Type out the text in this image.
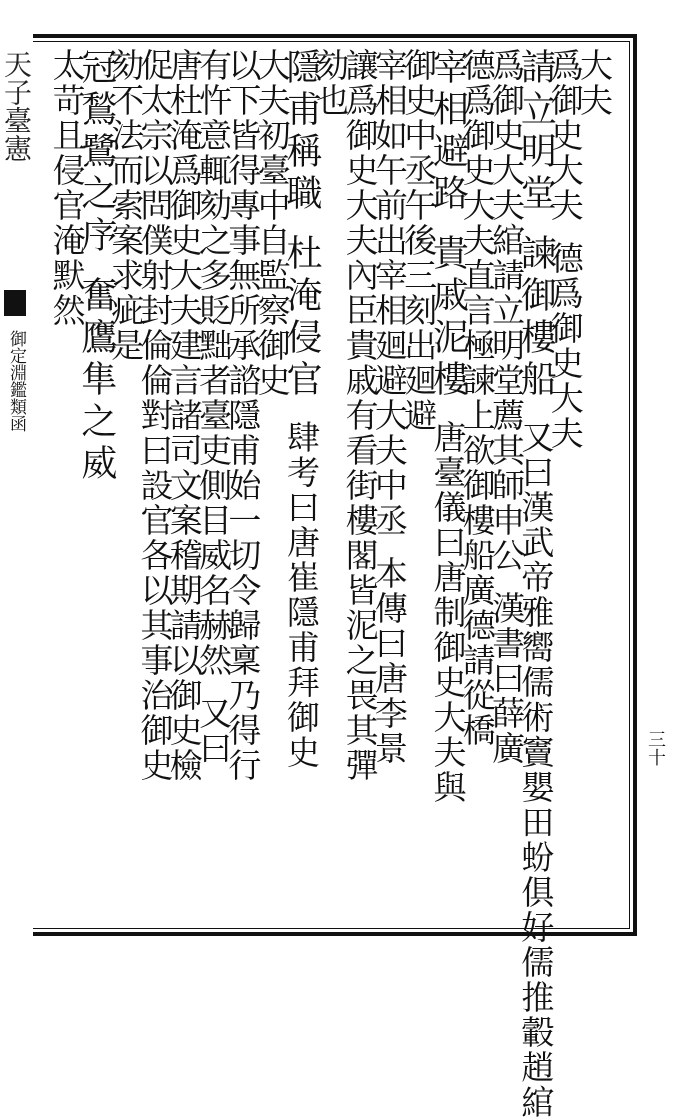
天子臺憲
御定淵鑑類函
三十
大夫
爲御史大夫德爲御史大夫
請立明堂諫御樓船又曰漢武帝雅嚮儒術竇嬰田蚡俱好儒推轂趙綰
爲御史大夫綰請立明堂薦其師申公漢書曰薛廣
德爲御史大夫直言極諫上欲御樓船廣德請從橋
宰相避路貴戚泥樓唐臺儀曰唐制御史大夫與
御史中丞午後三刻出廻避
宰相如午前出宰相廻避大夫中丞本傳曰唐李景
讓爲御史大夫內臣貴戚有看街樓閣皆泥之畏其彈
劾也
隱甫稱職杜淹侵官肆考曰唐崔隱甫拜御史
大夫初臺中自監察御史
以下皆得專事無所承諮隱甫始一切令歸稟乃得行
有忤意輒劾之多貶黜者臺吏側目威名赫然又曰
唐杜淹爲御史大夫建言諸司文案稽期請以御史檢
促太宗以問僕射封倫倫對曰設官各以其事治御史
劾不法而索案求疵是
冠鶖鷺之序奮鷹隼之威
太苛且侵官淹默然
